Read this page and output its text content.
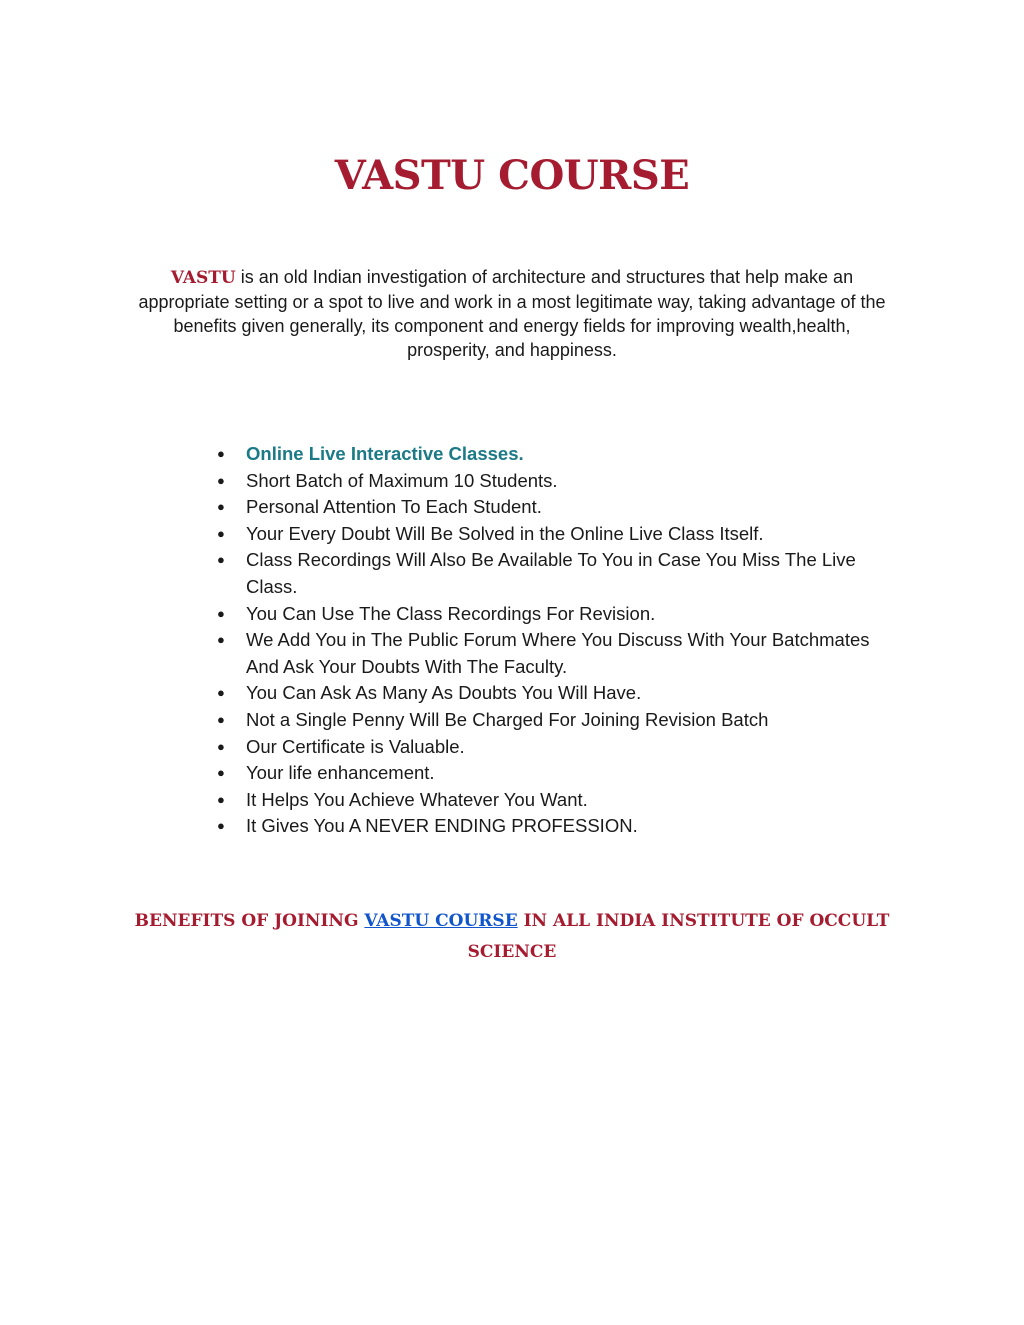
VASTU COURSE

VASTU is an old Indian investigation of architecture and structures that help make an appropriate setting or a spot to live and work in a most legitimate way, taking advantage of the benefits given generally, its component and energy fields for improving wealth,health, prosperity, and happiness.

● Online Live Interactive Classes.
● Short Batch of Maximum 10 Students.
● Personal Attention To Each Student.
● Your Every Doubt Will Be Solved in the Online Live Class Itself.
● Class Recordings Will Also Be Available To You in Case You Miss The Live Class.
● You Can Use The Class Recordings For Revision.
● We Add You in The Public Forum Where You Discuss With Your Batchmates And Ask Your Doubts With The Faculty.
● You Can Ask As Many As Doubts You Will Have.
● Not a Single Penny Will Be Charged For Joining Revision Batch
● Our Certificate is Valuable.
● Your life enhancement.
● It Helps You Achieve Whatever You Want.
● It Gives You A NEVER ENDING PROFESSION.
BENEFITS OF JOINING VASTU COURSE IN ALL INDIA INSTITUTE OF OCCULT SCIENCE
